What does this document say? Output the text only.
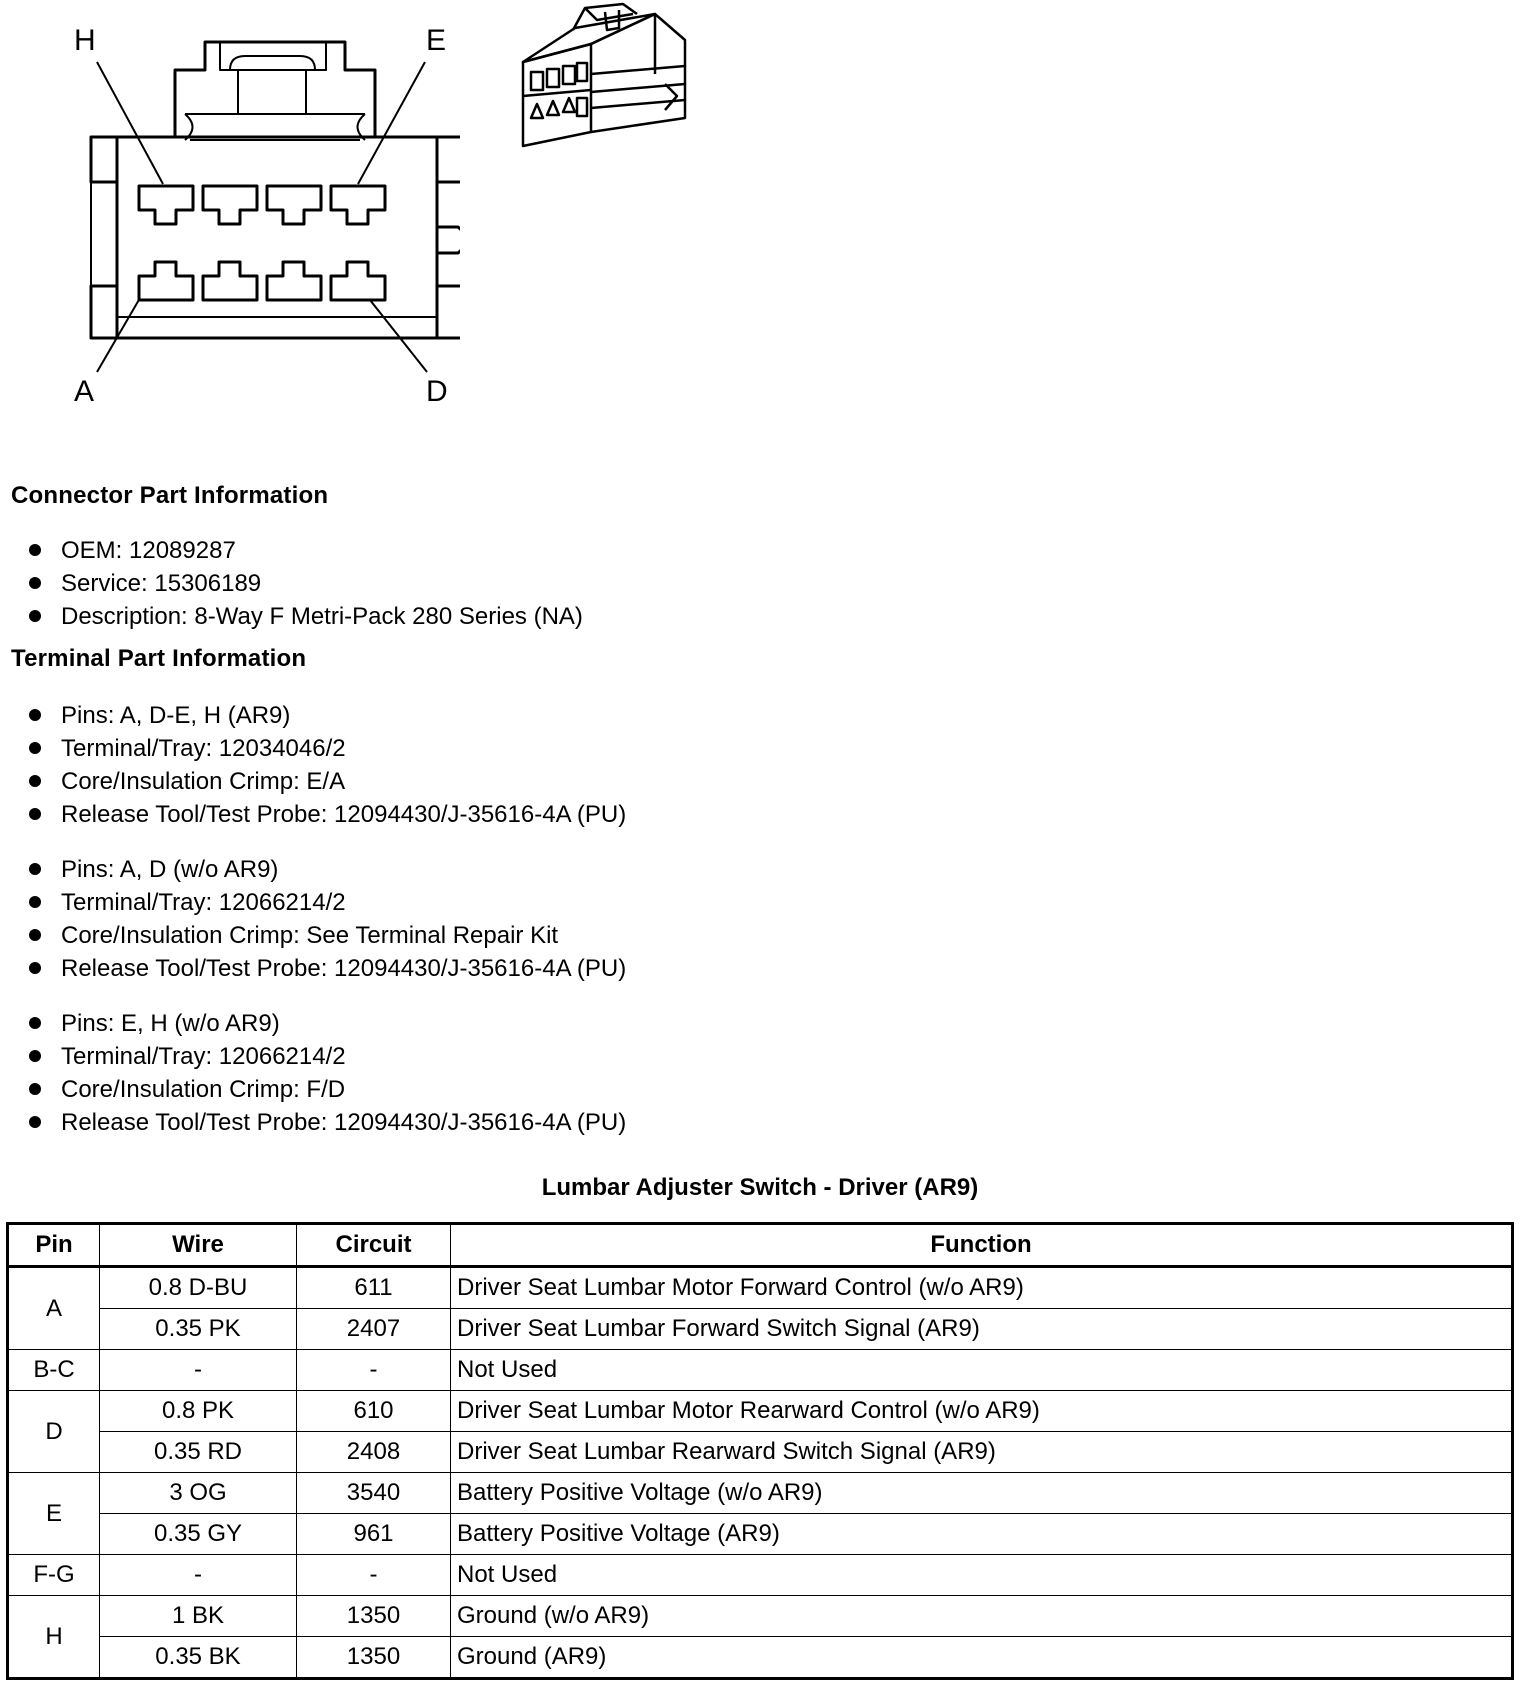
H	E
A	D
Connector Part Information
OEM: 12089287
Service: 15306189
Description: 8-Way F Metri-Pack 280 Series (NA)
Terminal Part Information
Pins: A, D-E, H (AR9)
Terminal/Tray: 12034046/2
Core/Insulation Crimp: E/A
Release Tool/Test Probe: 12094430/J-35616-4A (PU)
Pins: A, D (w/o AR9)
Terminal/Tray: 12066214/2
Core/Insulation Crimp: See Terminal Repair Kit
Release Tool/Test Probe: 12094430/J-35616-4A (PU)
Pins: E, H (w/o AR9)
Terminal/Tray: 12066214/2
Core/Insulation Crimp: F/D
Release Tool/Test Probe: 12094430/J-35616-4A (PU)
Lumbar Adjuster Switch - Driver (AR9)
Pin	Wire	Circuit	Function
A	0.8 D-BU	611	Driver Seat Lumbar Motor Forward Control (w/o AR9)
	0.35 PK	2407	Driver Seat Lumbar Forward Switch Signal (AR9)
B-C	-	-	Not Used
D	0.8 PK	610	Driver Seat Lumbar Motor Rearward Control (w/o AR9)
	0.35 RD	2408	Driver Seat Lumbar Rearward Switch Signal (AR9)
E	3 OG	3540	Battery Positive Voltage (w/o AR9)
	0.35 GY	961	Battery Positive Voltage (AR9)
F-G	-	-	Not Used
H	1 BK	1350	Ground (w/o AR9)
	0.35 BK	1350	Ground (AR9)
